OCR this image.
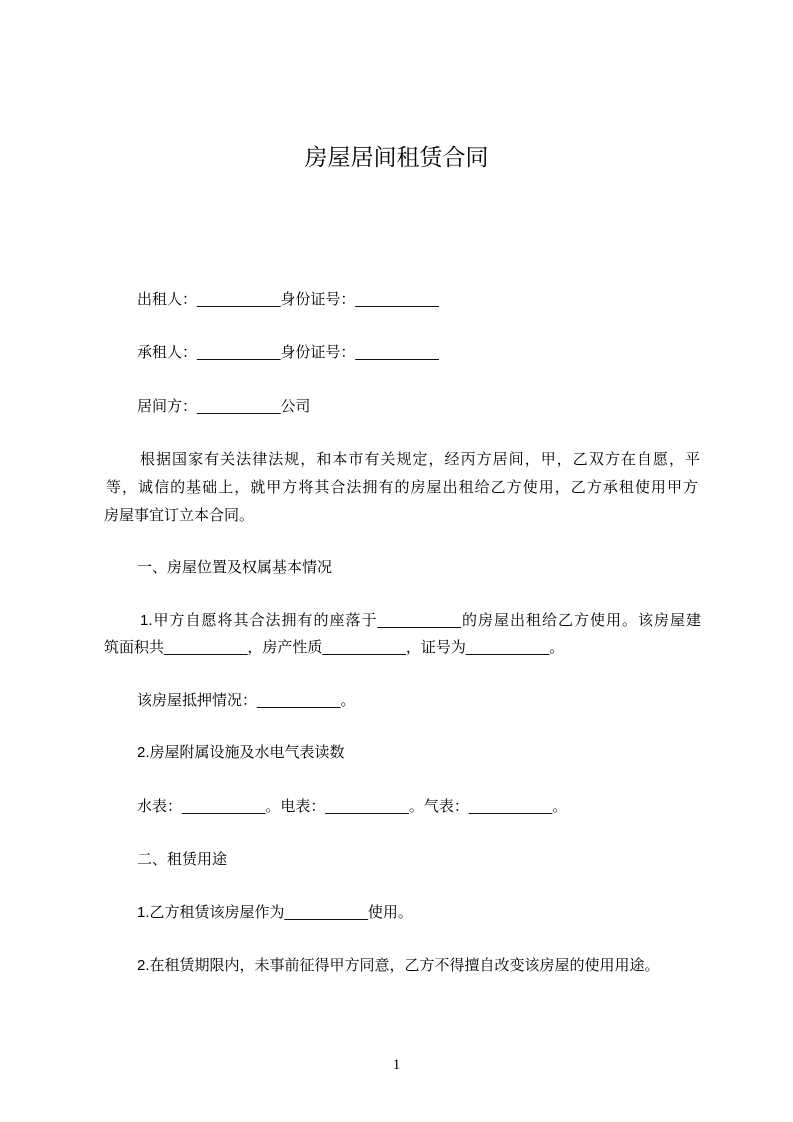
房屋居间租赁合同
出租人：__________身份证号：__________
承租人：__________身份证号：__________
居间方：__________公司
根据国家有关法律法规，和本市有关规定，经丙方居间，甲，乙双方在自愿，平
等，诚信的基础上，就甲方将其合法拥有的房屋出租给乙方使用，乙方承租使用甲方
房屋事宜订立本合同。
一、房屋位置及权属基本情况
1.甲方自愿将其合法拥有的座落于__________的房屋出租给乙方使用。该房屋建
筑面积共__________，房产性质__________，证号为__________。
该房屋抵押情况：__________。
2.房屋附属设施及水电气表读数
水表：__________。电表：__________。气表：__________。
二、租赁用途
1.乙方租赁该房屋作为__________使用。
2.在租赁期限内，未事前征得甲方同意，乙方不得擅自改变该房屋的使用用途。
1
